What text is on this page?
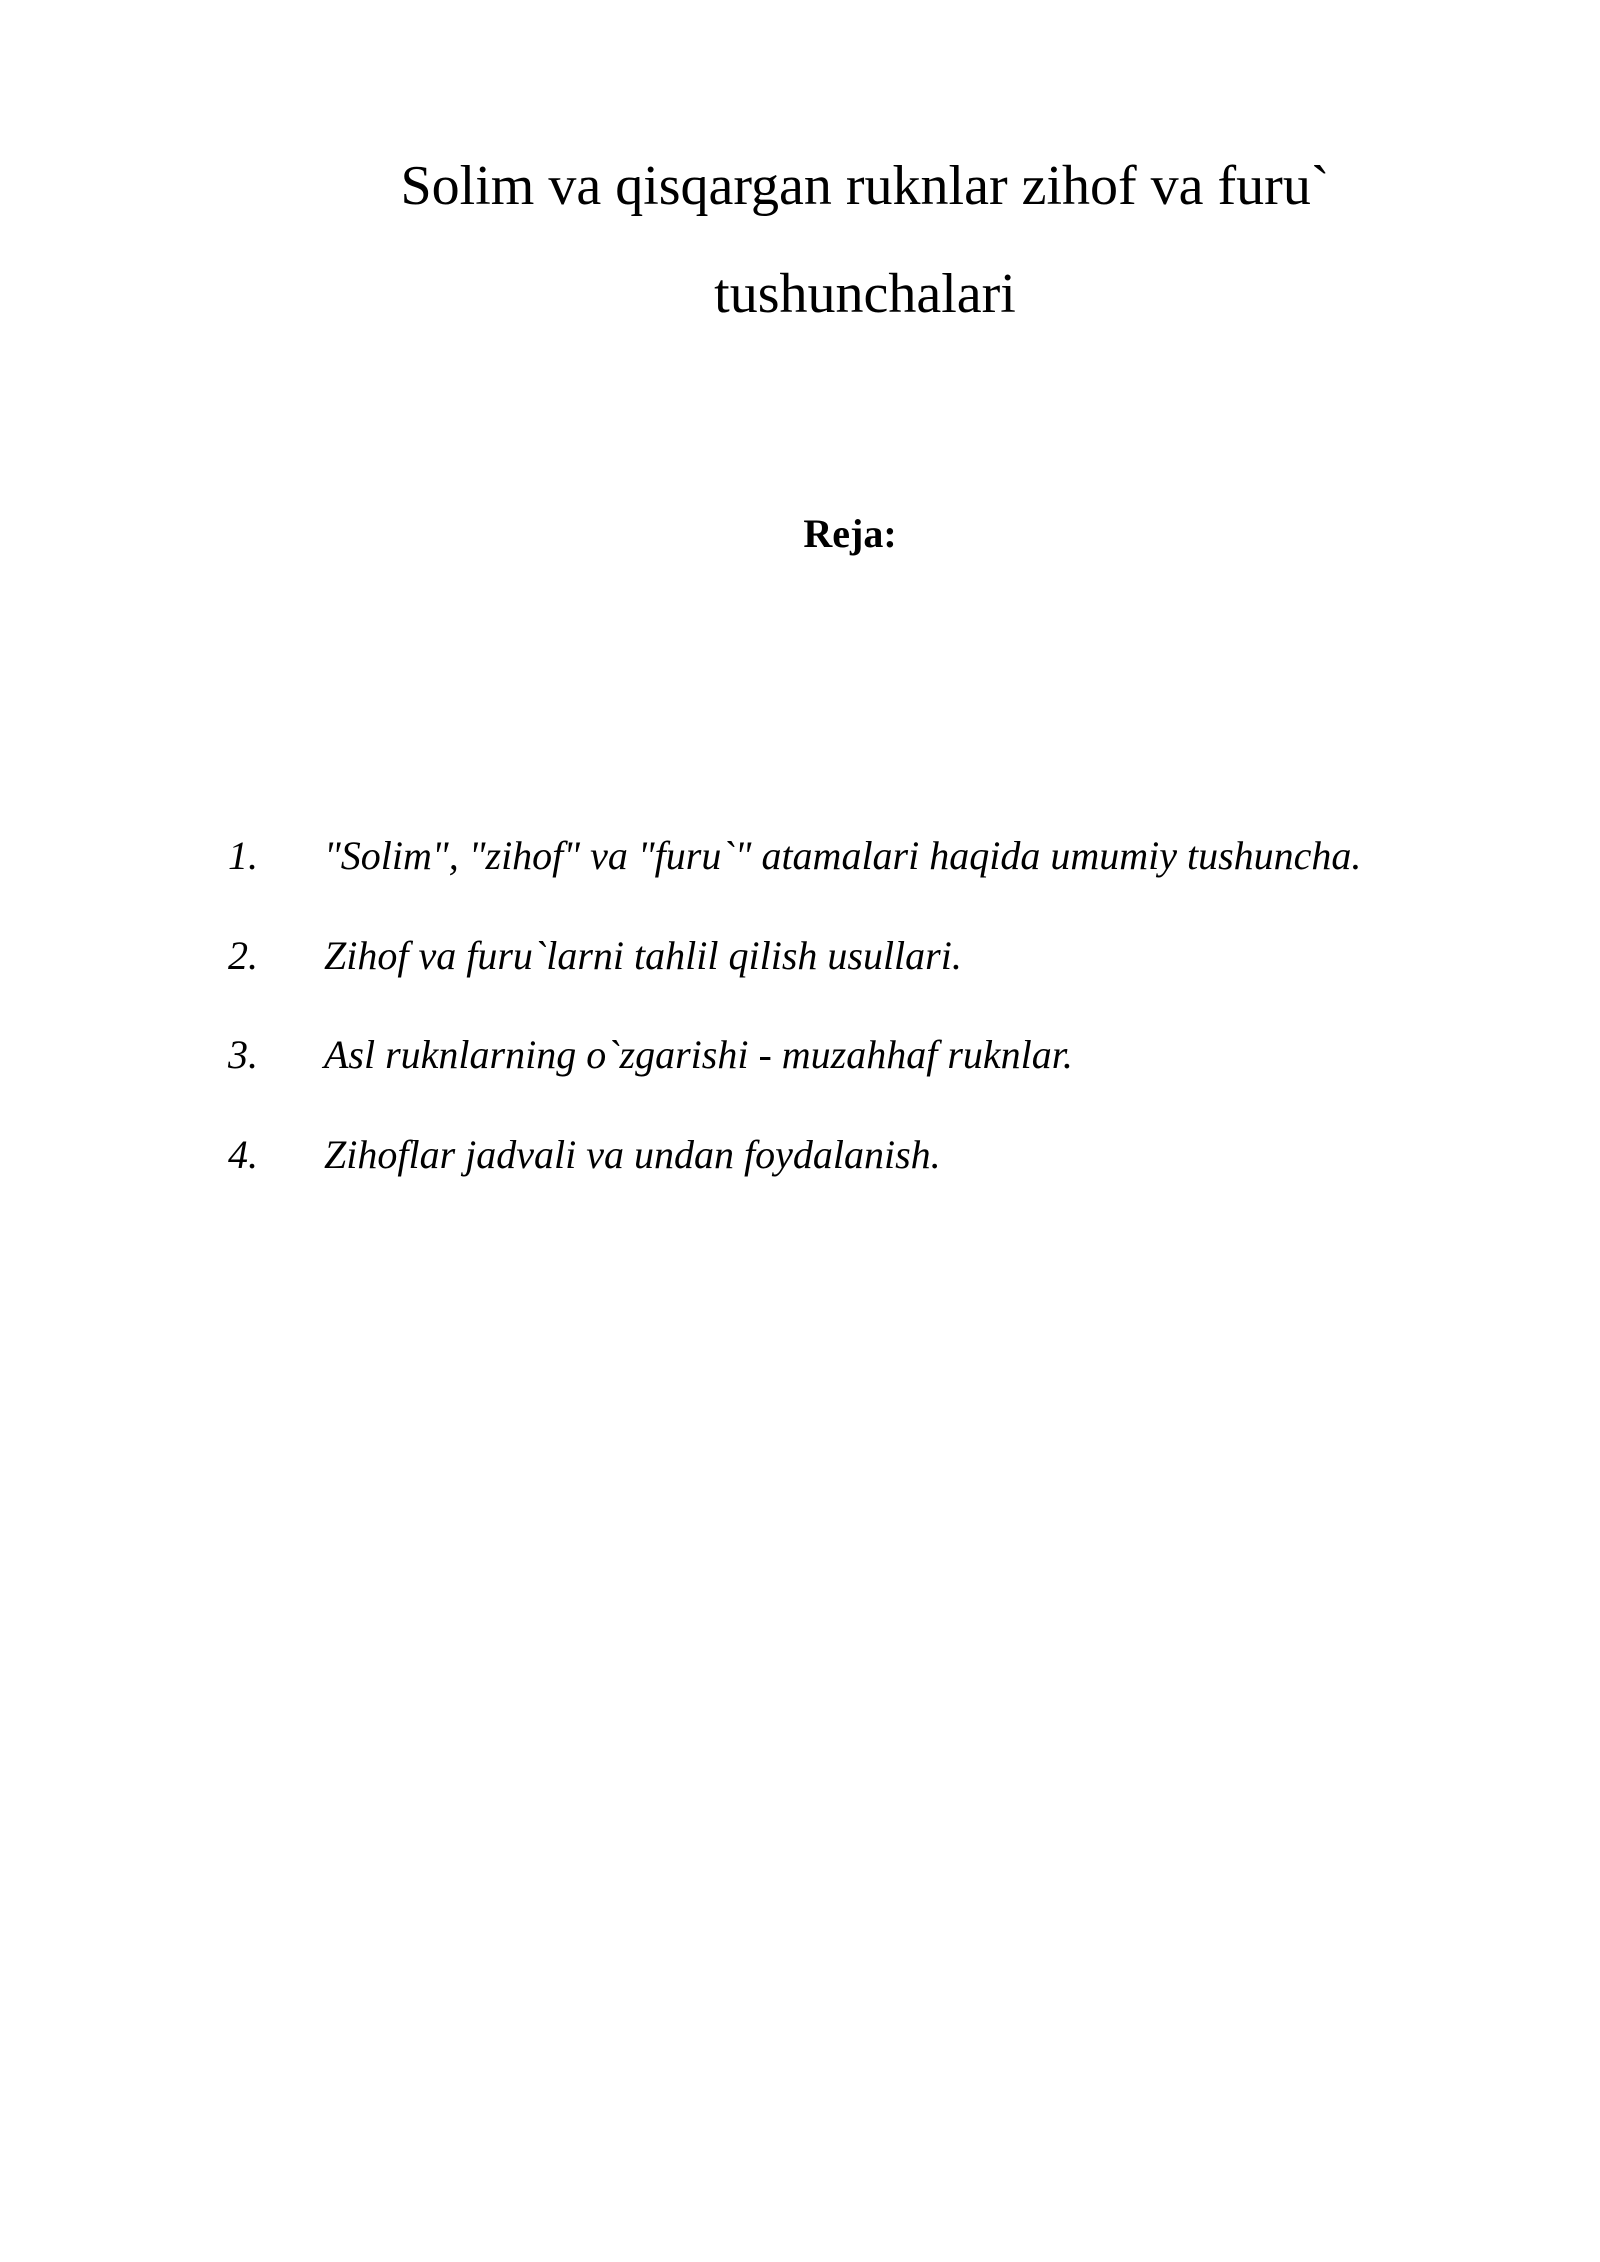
Solim va qisqargan ruknlar zihof va furu`
tushunchalari
Reja:
1. "Solim", "zihof" va "furu`" atamalari haqida umumiy tushuncha.
2. Zihof va furu`larni tahlil qilish usullari.
3. Asl ruknlarning o`zgarishi - muzahhaf ruknlar.
4. Zihoflar jadvali va undan foydalanish.
